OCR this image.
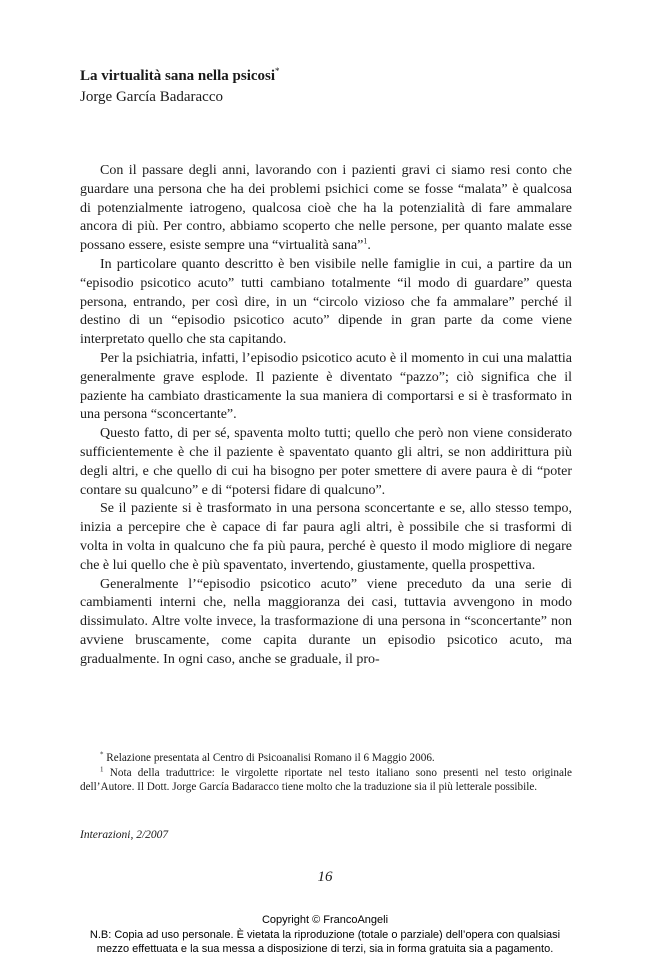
La virtualità sana nella psicosi*
Jorge García Badaracco

Con il passare degli anni, lavorando con i pazienti gravi ci siamo resi conto che guardare una persona che ha dei problemi psichici come se fosse “malata” è qualcosa di potenzialmente iatrogeno, qualcosa cioè che ha la potenzialità di fare ammalare ancora di più. Per contro, abbiamo scoperto che nelle persone, per quanto malate esse possano essere, esiste sempre una “virtualità sana”$^1$.

In particolare quanto descritto è ben visibile nelle famiglie in cui, a partire da un “episodio psicotico acuto” tutti cambiano totalmente “il modo di guardare” questa persona, entrando, per così dire, in un “circolo vizioso che fa ammalare” perché il destino di un “episodio psicotico acuto” dipende in gran parte da come viene interpretato quello che sta capitando.

Per la psichiatria, infatti, l’episodio psicotico acuto è il momento in cui una malattia generalmente grave esplode. Il paziente è diventato “pazzo”; ciò significa che il paziente ha cambiato drasticamente la sua maniera di comportarsi e si è trasformato in una persona “sconcertante”.

Questo fatto, di per sé, spaventa molto tutti; quello che però non viene considerato sufficientemente è che il paziente è spaventato quanto gli altri, se non addirittura più degli altri, e che quello di cui ha bisogno per poter smettere di avere paura è di “poter contare su qualcuno” e di “potersi fidare di qualcuno”.

Se il paziente si è trasformato in una persona sconcertante e se, allo stesso tempo, inizia a percepire che è capace di far paura agli altri, è possibile che si trasformi di volta in volta in qualcuno che fa più paura, perché è questo il modo migliore di negare che è lui quello che è più spaventato, invertendo, giustamente, quella prospettiva.

Generalmente l’“episodio psicotico acuto” viene preceduto da una serie di cambiamenti interni che, nella maggioranza dei casi, tuttavia avvengono in modo dissimulato. Altre volte invece, la trasformazione di una persona in “sconcertante” non avviene bruscamente, come capita durante un episodio psicotico acuto, ma gradualmente. In ogni caso, anche se graduale, il pro-

* Relazione presentata al Centro di Psicoanalisi Romano il 6 Maggio 2006.

$^1$ Nota della traduttrice: le virgolette riportate nel testo italiano sono presenti nel testo originale dell’Autore. Il Dott. Jorge García Badaracco tiene molto che la traduzione sia il più letterale possibile.

Interazioni, 2/2007
16
Copyright © FrancoAngeli
N.B: Copia ad uso personale. È vietata la riproduzione (totale o parziale) dell’opera con qualsiasi
mezzo effettuata e la sua messa a disposizione di terzi, sia in forma gratuita sia a pagamento.
